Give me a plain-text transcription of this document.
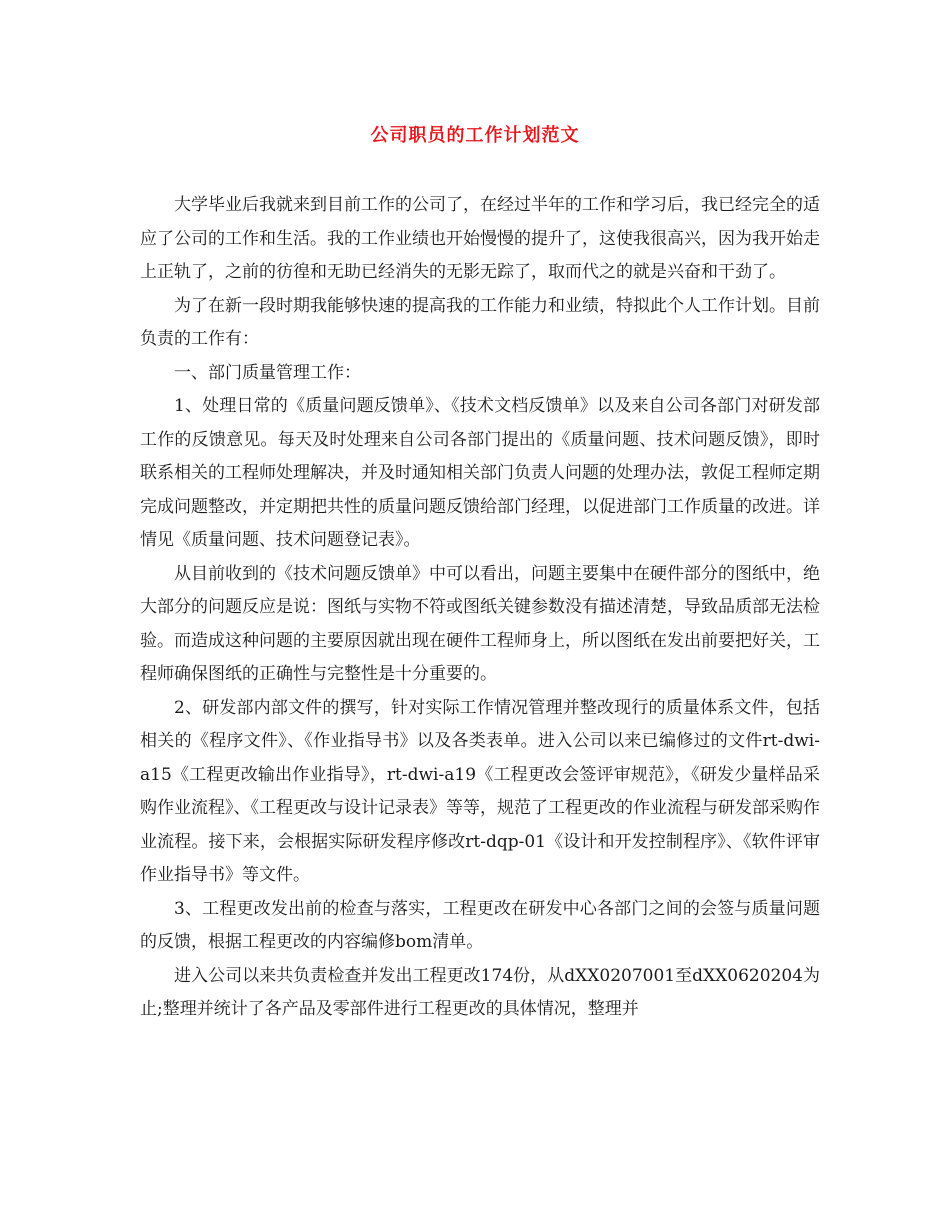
公司职员的工作计划范文

大学毕业后我就来到目前工作的公司了，在经过半年的工作和学习后，我已经完全的适应了公司的工作和生活。我的工作业绩也开始慢慢的提升了，这使我很高兴，因为我开始走上正轨了，之前的彷徨和无助已经消失的无影无踪了，取而代之的就是兴奋和干劲了。

为了在新一段时期我能够快速的提高我的工作能力和业绩，特拟此个人工作计划。目前负责的工作有：

一、部门质量管理工作：

1、处理日常的《质量问题反馈单》、《技术文档反馈单》以及来自公司各部门对研发部工作的反馈意见。每天及时处理来自公司各部门提出的《质量问题、技术问题反馈》，即时联系相关的工程师处理解决，并及时通知相关部门负责人问题的处理办法，敦促工程师定期完成问题整改，并定期把共性的质量问题反馈给部门经理，以促进部门工作质量的改进。详情见《质量问题、技术问题登记表》。

从目前收到的《技术问题反馈单》中可以看出，问题主要集中在硬件部分的图纸中，绝大部分的问题反应是说：图纸与实物不符或图纸关键参数没有描述清楚，导致品质部无法检验。而造成这种问题的主要原因就出现在硬件工程师身上，所以图纸在发出前要把好关，工程师确保图纸的正确性与完整性是十分重要的。

2、研发部内部文件的撰写，针对实际工作情况管理并整改现行的质量体系文件，包括相关的《程序文件》、《作业指导书》以及各类表单。进入公司以来已编修过的文件rt-dwi-a15《工程更改输出作业指导》，rt-dwi-a19《工程更改会签评审规范》，《研发少量样品采购作业流程》、《工程更改与设计记录表》等等，规范了工程更改的作业流程与研发部采购作业流程。接下来，会根据实际研发程序修改rt-dqp-01《设计和开发控制程序》、《软件评审作业指导书》等文件。

3、工程更改发出前的检查与落实，工程更改在研发中心各部门之间的会签与质量问题的反馈，根据工程更改的内容编修bom清单。

进入公司以来共负责检查并发出工程更改174份，从dXX0207001至dXX0620204为止;整理并统计了各产品及零部件进行工程更改的具体情况，整理并
